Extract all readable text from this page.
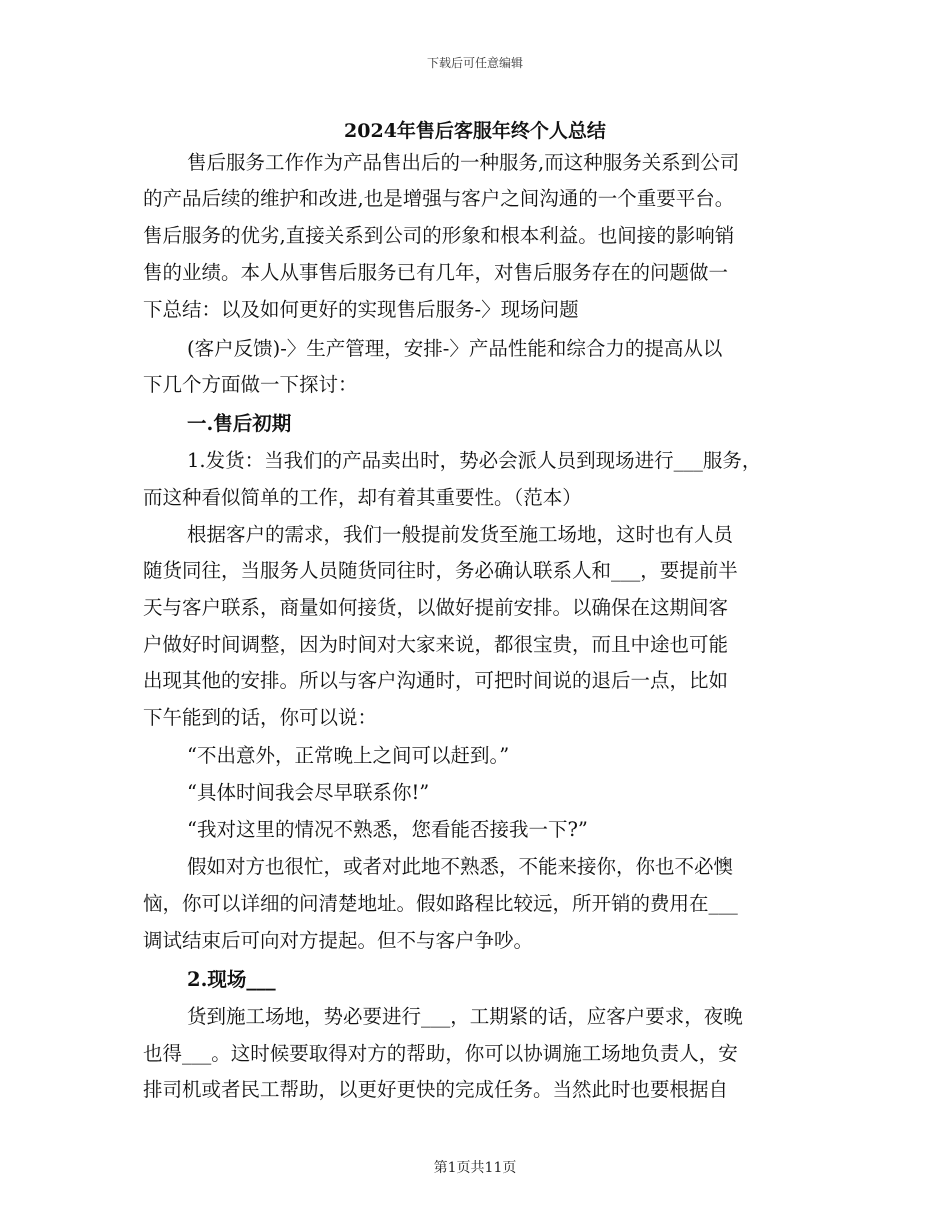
下载后可任意编辑
2024年售后客服年终个人总结
售后服务工作作为产品售出后的一种服务,而这种服务关系到公司
的产品后续的维护和改进,也是增强与客户之间沟通的一个重要平台。
售后服务的优劣,直接关系到公司的形象和根本利益。也间接的影响销
售的业绩。本人从事售后服务已有几年，对售后服务存在的问题做一
下总结：以及如何更好的实现售后服务-〉现场问题
(客户反馈)-〉生产管理，安排-〉产品性能和综合力的提高从以
下几个方面做一下探讨：
一.售后初期
1.发货：当我们的产品卖出时，势必会派人员到现场进行___服务，
而这种看似简单的工作，却有着其重要性。（范本）
根据客户的需求，我们一般提前发货至施工场地，这时也有人员
随货同往，当服务人员随货同往时，务必确认联系人和___，要提前半
天与客户联系，商量如何接货，以做好提前安排。以确保在这期间客
户做好时间调整，因为时间对大家来说，都很宝贵，而且中途也可能
出现其他的安排。所以与客户沟通时，可把时间说的退后一点，比如
下午能到的话，你可以说：
“不出意外，正常晚上之间可以赶到。”
“具体时间我会尽早联系你!”
“我对这里的情况不熟悉，您看能否接我一下?”
假如对方也很忙，或者对此地不熟悉，不能来接你，你也不必懊
恼，你可以详细的问清楚地址。假如路程比较远，所开销的费用在___
调试结束后可向对方提起。但不与客户争吵。
2.现场___
货到施工场地，势必要进行___，工期紧的话，应客户要求，夜晚
也得___。这时候要取得对方的帮助，你可以协调施工场地负责人，安
排司机或者民工帮助，以更好更快的完成任务。当然此时也要根据自
第1页共11页
